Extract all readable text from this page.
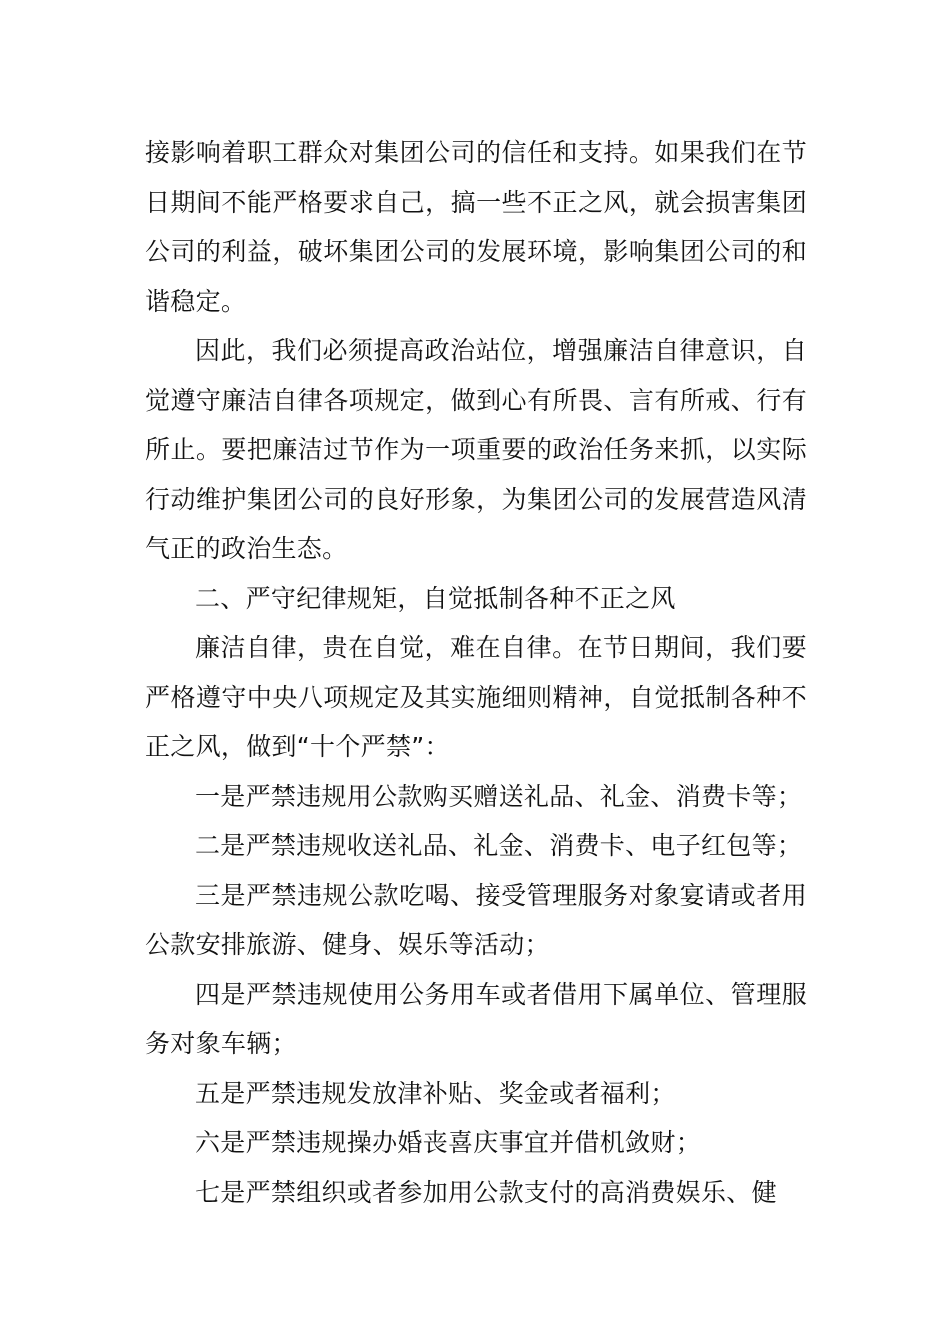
接影响着职工群众对集团公司的信任和支持。如果我们在节日期间不能严格要求自己，搞一些不正之风，就会损害集团公司的利益，破坏集团公司的发展环境，影响集团公司的和谐稳定。

因此，我们必须提高政治站位，增强廉洁自律意识，自觉遵守廉洁自律各项规定，做到心有所畏、言有所戒、行有所止。要把廉洁过节作为一项重要的政治任务来抓，以实际行动维护集团公司的良好形象，为集团公司的发展营造风清气正的政治生态。

二、严守纪律规矩，自觉抵制各种不正之风

廉洁自律，贵在自觉，难在自律。在节日期间，我们要严格遵守中央八项规定及其实施细则精神，自觉抵制各种不正之风，做到“十个严禁”：

一是严禁违规用公款购买赠送礼品、礼金、消费卡等；

二是严禁违规收送礼品、礼金、消费卡、电子红包等；

三是严禁违规公款吃喝、接受管理服务对象宴请或者用公款安排旅游、健身、娱乐等活动；

四是严禁违规使用公务用车或者借用下属单位、管理服务对象车辆；

五是严禁违规发放津补贴、奖金或者福利；

六是严禁违规操办婚丧喜庆事宜并借机敛财；

七是严禁组织或者参加用公款支付的高消费娱乐、健
